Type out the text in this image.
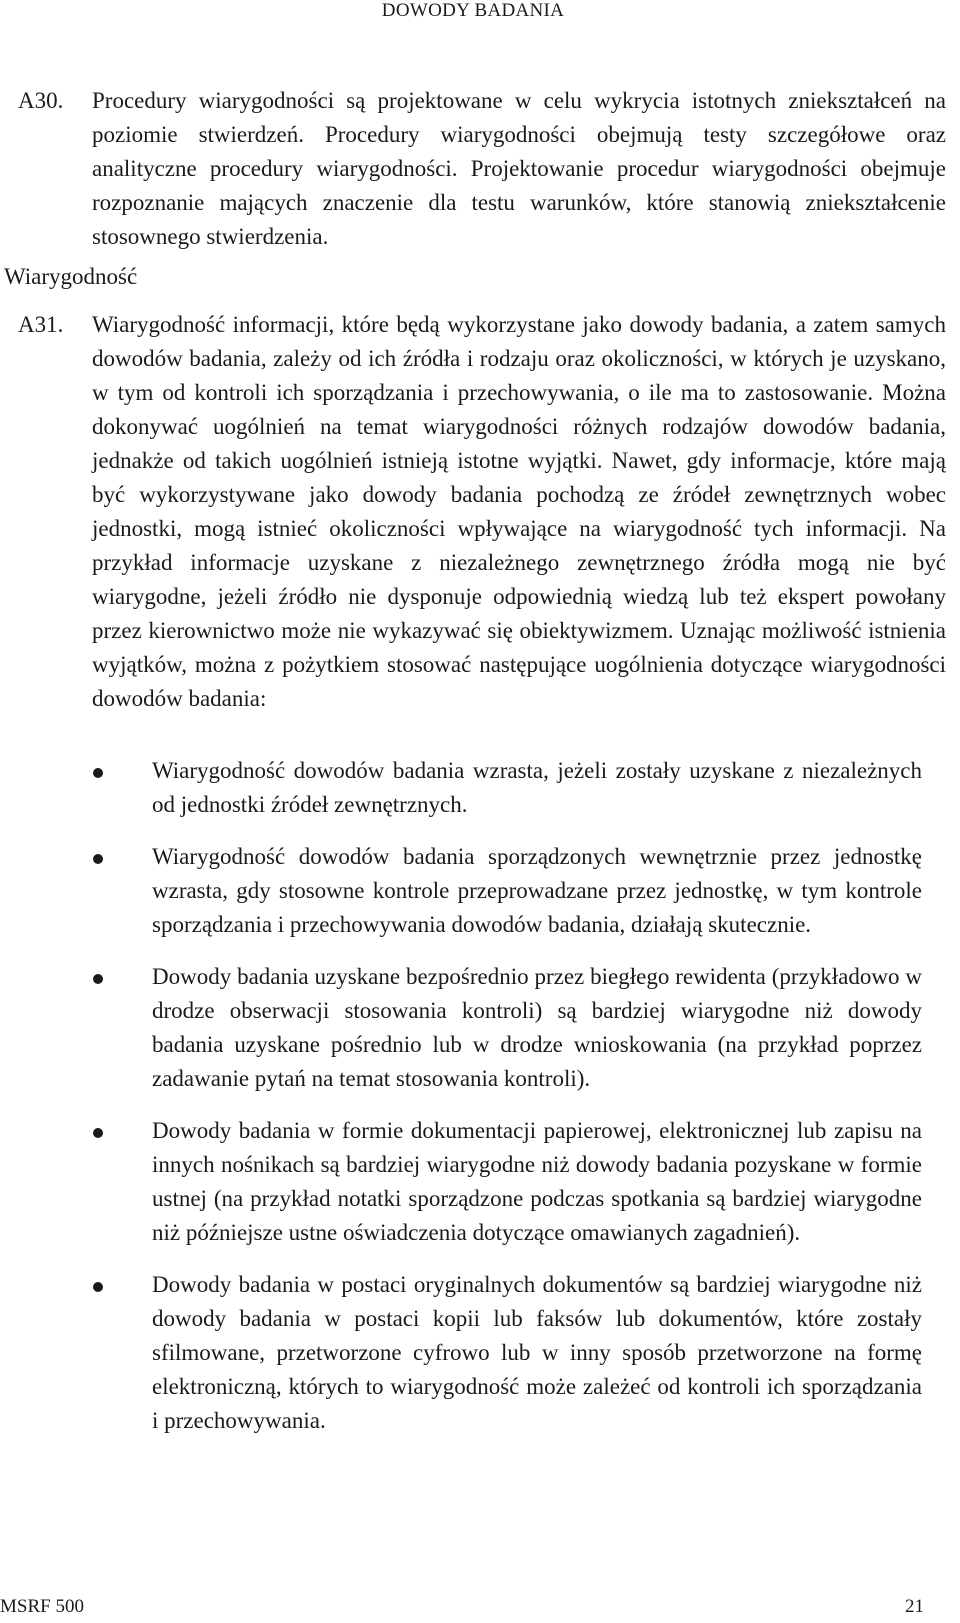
DOWODY BADANIA
A30. Procedury wiarygodności są projektowane w celu wykrycia istotnych zniekształceń na poziomie stwierdzeń. Procedury wiarygodności obejmują testy szczegółowe oraz analityczne procedury wiarygodności. Projektowanie procedur wiarygodności obejmuje rozpoznanie mających znaczenie dla testu warunków, które stanowią zniekształcenie stosownego stwierdzenia.
Wiarygodność
A31. Wiarygodność informacji, które będą wykorzystane jako dowody badania, a zatem samych dowodów badania, zależy od ich źródła i rodzaju oraz okoliczności, w których je uzyskano, w tym od kontroli ich sporządzania i przechowywania, o ile ma to zastosowanie. Można dokonywać uogólnień na temat wiarygodności różnych rodzajów dowodów badania, jednakże od takich uogólnień istnieją istotne wyjątki. Nawet, gdy informacje, które mają być wykorzystywane jako dowody badania pochodzą ze źródeł zewnętrznych wobec jednostki, mogą istnieć okoliczności wpływające na wiarygodność tych informacji. Na przykład informacje uzyskane z niezależnego zewnętrznego źródła mogą nie być wiarygodne, jeżeli źródło nie dysponuje odpowiednią wiedzą lub też ekspert powołany przez kierownictwo może nie wykazywać się obiektywizmem. Uznając możliwość istnienia wyjątków, można z pożytkiem stosować następujące uogólnienia dotyczące wiarygodności dowodów badania:
Wiarygodność dowodów badania wzrasta, jeżeli zostały uzyskane z niezależnych od jednostki źródeł zewnętrznych.
Wiarygodność dowodów badania sporządzonych wewnętrznie przez jednostkę wzrasta, gdy stosowne kontrole przeprowadzane przez jednostkę, w tym kontrole sporządzania i przechowywania dowodów badania, działają skutecznie.
Dowody badania uzyskane bezpośrednio przez biegłego rewidenta (przykładowo w drodze obserwacji stosowania kontroli) są bardziej wiarygodne niż dowody badania uzyskane pośrednio lub w drodze wnioskowania (na przykład poprzez zadawanie pytań na temat stosowania kontroli).
Dowody badania w formie dokumentacji papierowej, elektronicznej lub zapisu na innych nośnikach są bardziej wiarygodne niż dowody badania pozyskane w formie ustnej (na przykład notatki sporządzone podczas spotkania są bardziej wiarygodne niż późniejsze ustne oświadczenia dotyczące omawianych zagadnień).
Dowody badania w postaci oryginalnych dokumentów są bardziej wiarygodne niż dowody badania w postaci kopii lub faksów lub dokumentów, które zostały sfilmowane, przetworzone cyfrowo lub w inny sposób przetworzone na formę elektroniczną, których to wiarygodność może zależeć od kontroli ich sporządzania i przechowywania.
MSRF 500	21
